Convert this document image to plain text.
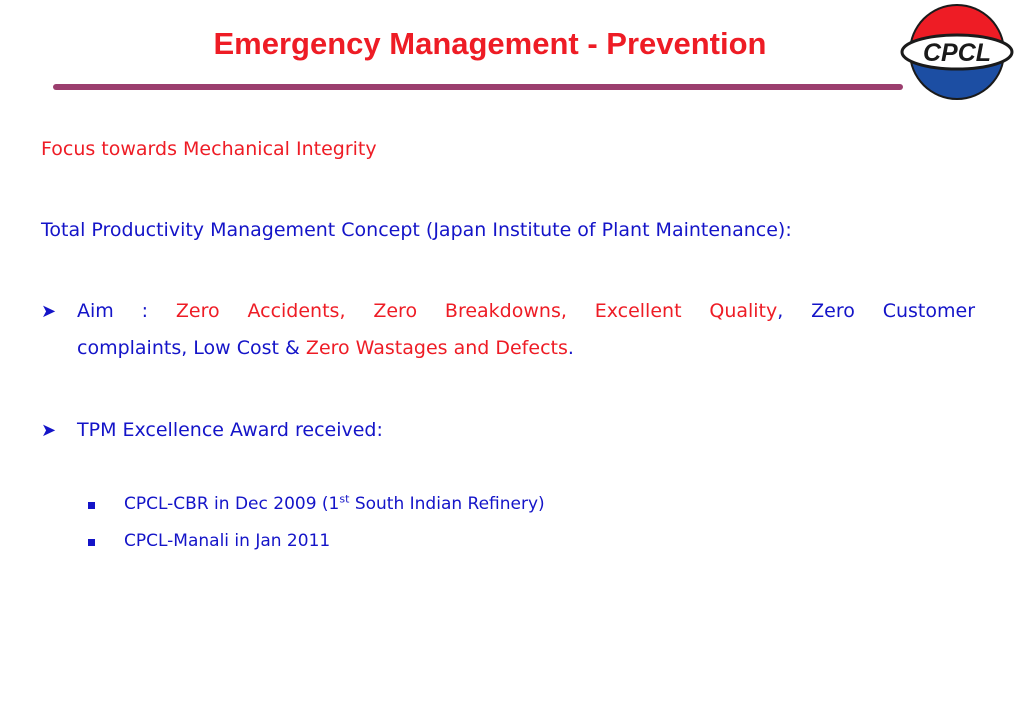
Emergency Management - Prevention	CPCL
Focus towards Mechanical Integrity
Total Productivity Management Concept (Japan Institute of Plant Maintenance):
➤ Aim : Zero Accidents, Zero Breakdowns, Excellent Quality, Zero Customer
complaints, Low Cost & Zero Wastages and Defects.
➤ TPM Excellence Award received:
CPCL-CBR in Dec 2009 (1st South Indian Refinery)
CPCL-Manali in Jan 2011
